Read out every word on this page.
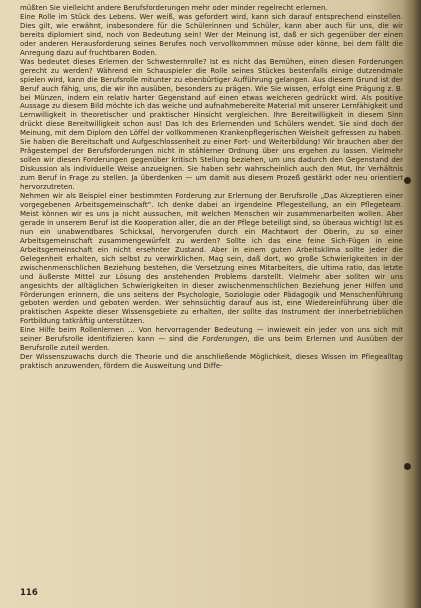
müßten Sie vielleicht andere Berufsforderungen mehr oder minder regelrecht erlernen.

Eine Rolle im Stück des Lebens. Wer weiß, was gefordert wird, kann sich darauf entsprechend einstellen. Dies gilt, wie erwähnt, insbesondere für die Schülerinnen und Schüler, kann aber auch für uns, die wir bereits diplomiert sind, noch von Bedeutung sein! Wer der Meinung ist, daß er sich gegenüber der einen oder anderen Herausforderung seines Berufes noch vervollkommnen müsse oder könne, bei dem fällt die Anregung dazu auf fruchtbaren Boden.

Was bedeutet dieses Erlernen der Schwesternrolle? Ist es nicht das Bemühen, einen diesen Forderungen gerecht zu werden? Während ein Schauspieler die Rolle seines Stückes bestenfalls einige dutzendmale spielen wird, kann die Berufsrolle mitunter zu ebenbürtiger Aufführung gelangen. Aus diesem Grund ist der Beruf auch fähig, uns, die wir ihn ausüben, besonders zu prägen. Wie Sie wissen, erfolgt eine Prägung z. B. bei Münzen, indem ein relativ harter Gegenstand auf einen etwas weicheren gedrückt wird. Als positive Aussage zu diesem Bild möchte ich das weiche und aufnahmebereite Material mit unserer Lernfähigkeit und Lernwilligkeit in theoretischer und praktischer Hinsicht vergleichen. Ihre Bereitwilligkeit in diesem Sinn drückt diese Bereitwilligkeit schon aus! Das Ich des Erlernenden und Schülers wendet. Sie sind doch der Meinung, mit dem Diplom den Löffel der vollkommenen Krankenpflegerischen Weisheit gefressen zu haben. Sie haben die Bereitschaft und Aufgeschlossenheit zu einer Fort- und Weiterbildung! Wir brauchen aber der Prägestempel der Berufsforderungen nicht in stählerner Ordnung über uns ergehen zu lassen. Vielmehr sollen wir diesen Forderungen gegenüber kritisch Stellung beziehen, um uns dadurch den Gegenstand der Diskussion als individuelle Weise anzueignen. Sie haben sehr wahrscheinlich auch den Mut, Ihr Verhältnis zum Beruf in Frage zu stellen. Ja überdenken — um damit aus diesem Prozeß gestärkt oder neu orientiert hervorzutreten.

Nehmen wir als Beispiel einer bestimmten Forderung zur Erlernung der Berufsrolle „Das Akzeptieren einer vorgegebenen Arbeitsgemeinschaft“. Ich denke dabei an irgendeine Pflegestellung, an ein Pflegeteam. Meist können wir es uns ja nicht aussuchen, mit welchen Menschen wir zusammenarbeiten wollen. Aber gerade in unserem Beruf ist die Kooperation aller, die an der Pflege beteiligt sind, so überaus wichtig! Ist es nun ein unabwendbares Schicksal, hervorgerufen durch ein Machtwort der Oberin, zu so einer Arbeitsgemeinschaft zusammengewürfelt zu werden? Sollte ich das eine feine Sich-Fügen in eine Arbeitsgemeinschaft ein nicht ersehnter Zustand. Aber in einem guten Arbeitsklima sollte jeder die Gelegenheit erhalten, sich selbst zu verwirklichen. Mag sein, daß dort, wo große Schwierigkeiten in der zwischenmenschlichen Beziehung bestehen, die Versetzung eines Mitarbeiters, die ultima ratio, das letzte und äußerste Mittel zur Lösung des anstehenden Problems darstellt. Vielmehr aber sollten wir uns angesichts der alltäglichen Schwierigkeiten in dieser zwischenmenschlichen Beziehung jener Hilfen und Förderungen erinnern, die uns seitens der Psychologie, Soziologie oder Pädagogik und Menschenführung geboten werden und geboten werden. Wer sehnsüchtig darauf aus ist, eine Wiedereinführung über die praktischen Aspekte dieser Wissensgebiete zu erhalten, der sollte das Instrument der innerbetrieblichen Fortbildung tatkräftig unterstützen.

Eine Hilfe beim Rollenlernen … Von hervorragender Bedeutung — inwieweit ein jeder von uns sich mit seiner Berufsrolle identifizieren kann — sind die Forderungen, die uns beim Erlernen und Ausüben der Berufsrolle zuteil werden.

Der Wissenszuwachs durch die Theorie und die anschließende Möglichkeit, dieses Wissen im Pflegealltag praktisch anzuwenden, fördern die Ausweitung und Diffe-

116
